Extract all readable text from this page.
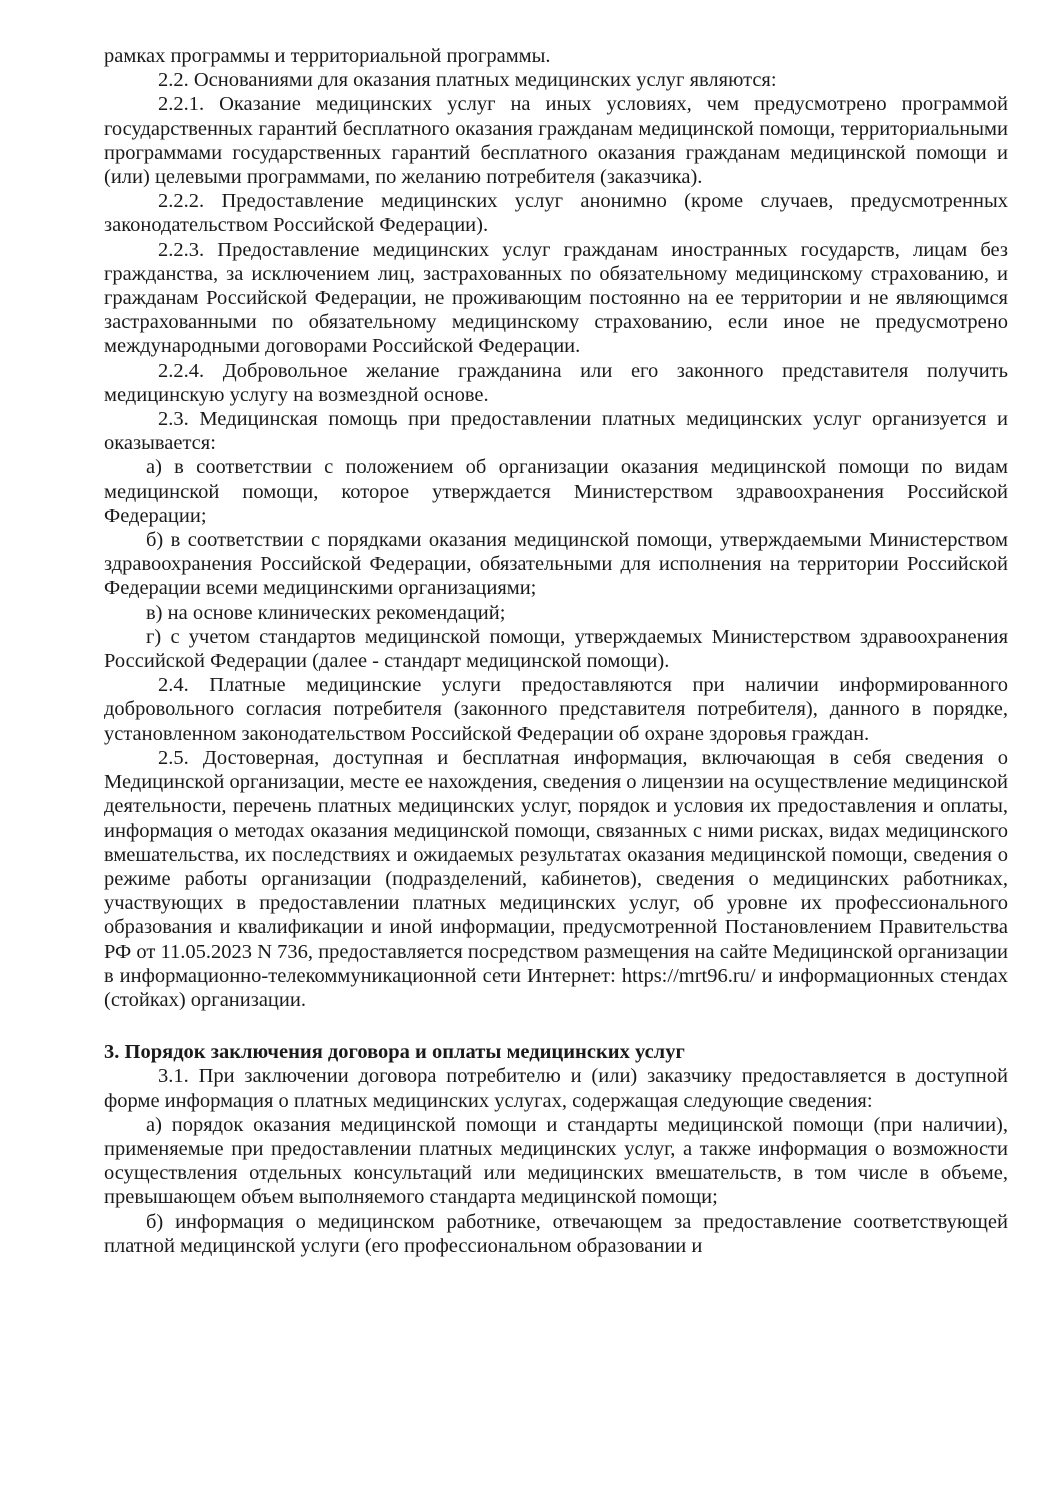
рамках программы и территориальной программы.

2.2. Основаниями для оказания платных медицинских услуг являются:

2.2.1. Оказание медицинских услуг на иных условиях, чем предусмотрено программой государственных гарантий бесплатного оказания гражданам медицинской помощи, территориальными программами государственных гарантий бесплатного оказания гражданам медицинской помощи и (или) целевыми программами, по желанию потребителя (заказчика).

2.2.2. Предоставление медицинских услуг анонимно (кроме случаев, предусмотренных законодательством Российской Федерации).

2.2.3. Предоставление медицинских услуг гражданам иностранных государств, лицам без гражданства, за исключением лиц, застрахованных по обязательному медицинскому страхованию, и гражданам Российской Федерации, не проживающим постоянно на ее территории и не являющимся застрахованными по обязательному медицинскому страхованию, если иное не предусмотрено международными договорами Российской Федерации.

2.2.4. Добровольное желание гражданина или его законного представителя получить медицинскую услугу на возмездной основе.

2.3. Медицинская помощь при предоставлении платных медицинских услуг организуется и оказывается:

а) в соответствии с положением об организации оказания медицинской помощи по видам медицинской помощи, которое утверждается Министерством здравоохранения Российской Федерации;

б) в соответствии с порядками оказания медицинской помощи, утверждаемыми Министерством здравоохранения Российской Федерации, обязательными для исполнения на территории Российской Федерации всеми медицинскими организациями;

в) на основе клинических рекомендаций;

г) с учетом стандартов медицинской помощи, утверждаемых Министерством здравоохранения Российской Федерации (далее - стандарт медицинской помощи).

2.4. Платные медицинские услуги предоставляются при наличии информированного добровольного согласия потребителя (законного представителя потребителя), данного в порядке, установленном законодательством Российской Федерации об охране здоровья граждан.

2.5. Достоверная, доступная и бесплатная информация, включающая в себя сведения о Медицинской организации, месте ее нахождения, сведения о лицензии на осуществление медицинской деятельности, перечень платных медицинских услуг, порядок и условия их предоставления и оплаты, информация о методах оказания медицинской помощи, связанных с ними рисках, видах медицинского вмешательства, их последствиях и ожидаемых результатах оказания медицинской помощи, сведения о режиме работы организации (подразделений, кабинетов), сведения о медицинских работниках, участвующих в предоставлении платных медицинских услуг, об уровне их профессионального образования и квалификации и иной информации, предусмотренной Постановлением Правительства РФ от 11.05.2023 N 736, предоставляется посредством размещения на сайте Медицинской организации в информационно-телекоммуникационной сети Интернет: https://mrt96.ru/ и информационных стендах (стойках) организации.

3. Порядок заключения договора и оплаты медицинских услуг

3.1. При заключении договора потребителю и (или) заказчику предоставляется в доступной форме информация о платных медицинских услугах, содержащая следующие сведения:

а) порядок оказания медицинской помощи и стандарты медицинской помощи (при наличии), применяемые при предоставлении платных медицинских услуг, а также информация о возможности осуществления отдельных консультаций или медицинских вмешательств, в том числе в объеме, превышающем объем выполняемого стандарта медицинской помощи;

б) информация о медицинском работнике, отвечающем за предоставление соответствующей платной медицинской услуги (его профессиональном образовании и
